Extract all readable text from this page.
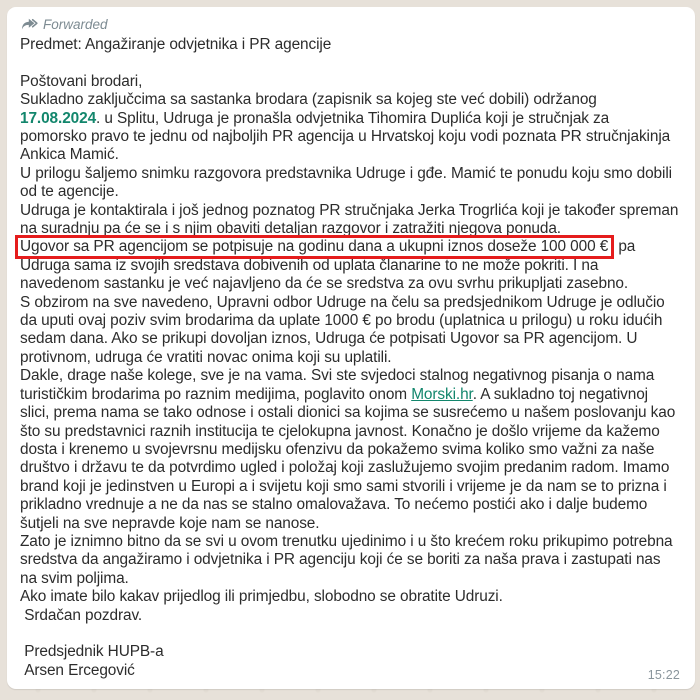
Forwarded
Predmet: Angažiranje odvjetnika i PR agencije
Poštovani brodari,
Sukladno zaključcima sa sastanka brodara (zapisnik sa kojeg ste već dobili) održanog 17.08.2024. u Splitu, Udruga je pronašla odvjetnika Tihomira Duplića koji je stručnjak za pomorsko pravo te jednu od najboljih PR agencija u Hrvatskoj koju vodi poznata PR stručnjakinja Ankica Mamić.
U prilogu šaljemo snimku razgovora predstavnika Udruge i gđe. Mamić te ponudu koju smo dobili od te agencije.
Udruga je kontaktirala i još jednog poznatog PR stručnjaka Jerka Trogrlića koji je također spreman na suradnju pa će se i s njim obaviti detaljan razgovor i zatražiti njegova ponuda.
Ugovor sa PR agencijom se potpisuje na godinu dana a ukupni iznos doseže 100 000 € pa Udruga sama iz svojih sredstava dobivenih od uplata članarine to ne može pokriti. I na navedenom sastanku je već najavljeno da će se sredstva za ovu svrhu prikupljati zasebno.
S obzirom na sve navedeno, Upravni odbor Udruge na čelu sa predsjednikom Udruge je odlučio da uputi ovaj poziv svim brodarima da uplate 1000 € po brodu (uplatnica u prilogu) u roku idućih sedam dana. Ako se prikupi dovoljan iznos, Udruga će potpisati Ugovor sa PR agencijom. U protivnom, udruga će vratiti novac onima koji su uplatili.
Dakle, drage naše kolege, sve je na vama. Svi ste svjedoci stalnog negativnog pisanja o nama turističkim brodarima po raznim medijima, poglavito onom Morski.hr. A sukladno toj negativnoj slici, prema nama se tako odnose i ostali dionici sa kojima se susrećemo u našem poslovanju kao što su predstavnici raznih institucija te cjelokupna javnost. Konačno je došlo vrijeme da kažemo dosta i krenemo u svojevrsnu medijsku ofenzivu da pokažemo svima koliko smo važni za naše društvo i državu te da potvrdimo ugled i položaj koji zaslužujemo svojim predanim radom. Imamo brand koji je jedinstven u Europi a i svijetu koji smo sami stvorili i vrijeme je da nam se to prizna i prikladno vrednuje a ne da nas se stalno omalovažava. To nećemo postići ako i dalje budemo šutjeli na sve nepravde koje nam se nanose.
Zato je iznimno bitno da se svi u ovom trenutku ujedinimo i u što krećem roku prikupimo potrebna sredstva da angažiramo i odvjetnika i PR agenciju koji će se boriti za naša prava i zastupati nas na svim poljima.
Ako imate bilo kakav prijedlog ili primjedbu, slobodno se obratite Udruzi.
Srdačan pozdrav.
Predsjednik HUPB-a
Arsen Ercegović	15:22
